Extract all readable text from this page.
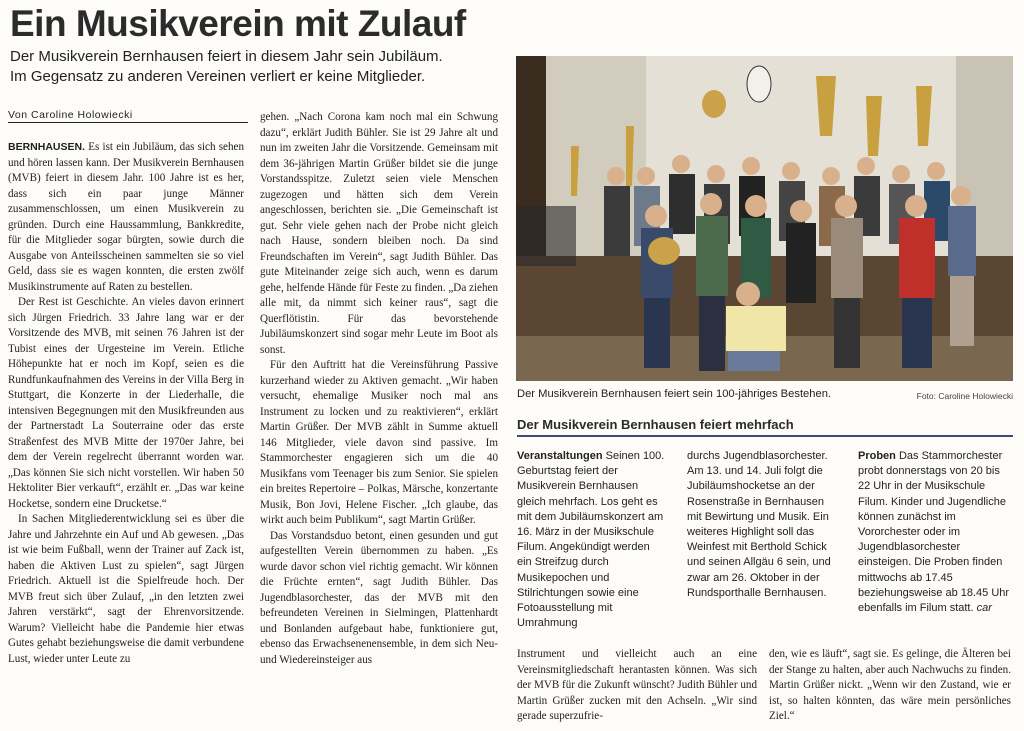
Ein Musikverein mit Zulauf
Der Musikverein Bernhausen feiert in diesem Jahr sein Jubiläum.
Im Gegensatz zu anderen Vereinen verliert er keine Mitglieder.
Von Caroline Holowiecki

BERNHAUSEN. Es ist ein Jubiläum, das sich sehen und hören lassen kann. Der Musikverein Bernhausen (MVB) feiert in diesem Jahr. 100 Jahre ist es her, dass sich ein paar junge Männer zusammenschlossen, um einen Musikverein zu gründen. Durch eine Haussammlung, Bankkredite, für die Mitglieder sogar bürgten, sowie durch die Ausgabe von Anteilsscheinen sammelten sie so viel Geld, dass sie es wagen konnten, die ersten zwölf Musikinstrumente auf Raten zu bestellen.

Der Rest ist Geschichte. An vieles davon erinnert sich Jürgen Friedrich. 33 Jahre lang war er der Vorsitzende des MVB, mit seinen 76 Jahren ist der Tubist eines der Urgesteine im Verein. Etliche Höhepunkte hat er noch im Kopf, seien es die Rundfunkaufnahmen des Vereins in der Villa Berg in Stuttgart, die Konzerte in der Liederhalle, die intensiven Begegnungen mit den Musikfreunden aus der Partnerstadt La Souterraine oder das erste Straßenfest des MVB Mitte der 1970er Jahre, bei dem der Verein regelrecht überrannt worden war. „Das können Sie sich nicht vorstellen. Wir haben 50 Hektoliter Bier verkauft“, erzählt er. „Das war keine Hocketse, sondern eine Drucketse.“

In Sachen Mitgliederentwicklung sei es über die Jahre und Jahrzehnte ein Auf und Ab gewesen. „Das ist wie beim Fußball, wenn der Trainer auf Zack ist, haben die Aktiven Lust zu spielen“, sagt Jürgen Friedrich. Aktuell ist die Spielfreude hoch. Der MVB freut sich über Zulauf, „in den letzten zwei Jahren verstärkt“, sagt der Ehrenvorsitzende. Warum? Vielleicht habe die Pandemie hier etwas Gutes gehabt beziehungsweise die damit verbundene Lust, wieder unter Leute zu

gehen. „Nach Corona kam noch mal ein Schwung dazu“, erklärt Judith Bühler. Sie ist 29 Jahre alt und nun im zweiten Jahr die Vorsitzende. Gemeinsam mit dem 36-jährigen Martin Grüßer bildet sie die junge Vorstandsspitze. Zuletzt seien viele Menschen zugezogen und hätten sich dem Verein angeschlossen, berichten sie. „Die Gemeinschaft ist gut. Sehr viele gehen nach der Probe nicht gleich nach Hause, sondern bleiben noch. Da sind Freundschaften im Verein“, sagt Judith Bühler. Das gute Miteinander zeige sich auch, wenn es darum gehe, helfende Hände für Feste zu finden. „Da ziehen alle mit, da nimmt sich keiner raus“, sagt die Querflötistin. Für das bevorstehende Jubiläumskonzert sind sogar mehr Leute im Boot als sonst.

Für den Auftritt hat die Vereinsführung Passive kurzerhand wieder zu Aktiven gemacht. „Wir haben versucht, ehemalige Musiker noch mal ans Instrument zu locken und zu reaktivieren“, erklärt Martin Grüßer. Der MVB zählt in Summe aktuell 146 Mitglieder, viele davon sind passive. Im Stammorchester engagieren sich um die 40 Musikfans vom Teenager bis zum Senior. Sie spielen ein breites Repertoire – Polkas, Märsche, konzertante Musik, Bon Jovi, Helene Fischer. „Ich glaube, das wirkt auch beim Publikum“, sagt Martin Grüßer.

Das Vorstandsduo betont, einen gesunden und gut aufgestellten Verein übernommen zu haben. „Es wurde davor schon viel richtig gemacht. Wir können die Früchte ernten“, sagt Judith Bühler. Das Jugendblasorchester, das der MVB mit den befreundeten Vereinen in Sielmingen, Plattenhardt und Bonlanden aufgebaut habe, funktioniere gut, ebenso das Erwachsenenensemble, in dem sich Neu- und Wiedereinsteiger aus

Der Musikverein Bernhausen feiert sein 100-jähriges Bestehen.	Foto: Caroline Holowiecki
Der Musikverein Bernhausen feiert mehrfach
Veranstaltungen Seinen 100. Geburtstag feiert der Musikverein Bernhausen gleich mehrfach. Los geht es mit dem Jubiläumskonzert am 16. März in der Musikschule Filum. Angekündigt werden ein Streifzug durch Musikepochen und Stilrichtungen sowie eine Fotoausstellung mit Umrahmung
durchs Jugendblasorchester. Am 13. und 14. Juli folgt die Jubiläumshocketse an der Rosenstraße in Bernhausen mit Bewirtung und Musik. Ein weiteres Highlight soll das Weinfest mit Berthold Schick und seinen Allgäu 6 sein, und zwar am 26. Oktober in der Rundsporthalle Bernhausen.
Proben Das Stammorchester probt donnerstags von 20 bis 22 Uhr in der Musikschule Filum. Kinder und Jugendliche können zunächst im Vororchester oder im Jugendblasorchester einsteigen. Die Proben finden mittwochs ab 17.45 beziehungsweise ab 18.45 Uhr ebenfalls im Filum statt. car

Instrument und vielleicht auch an eine Vereinsmitgliedschaft herantasten können. Was sich der MVB für die Zukunft wünscht? Judith Bühler und Martin Grüßer zucken mit den Achseln. „Wir sind gerade superzufrie-

den, wie es läuft“, sagt sie. Es gelinge, die Älteren bei der Stange zu halten, aber auch Nachwuchs zu finden. Martin Grüßer nickt. „Wenn wir den Zustand, wie er ist, so halten könnten, das wäre mein persönliches Ziel.“
